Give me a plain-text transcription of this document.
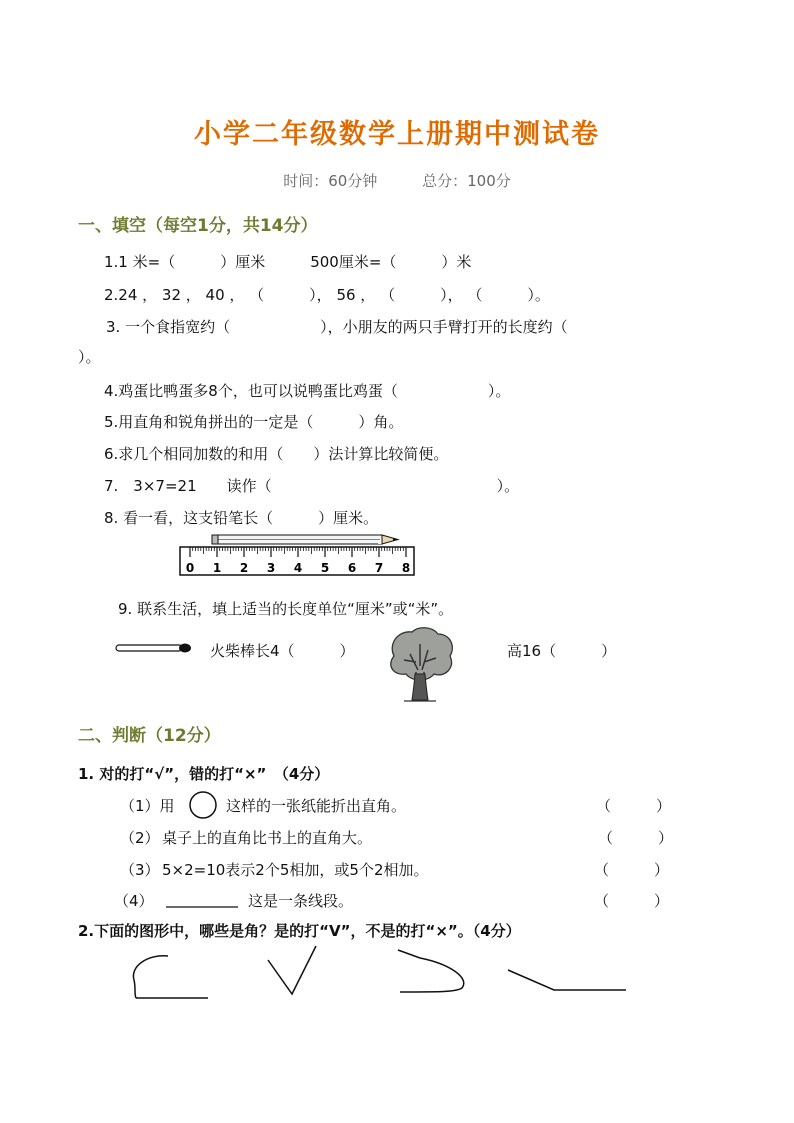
小学二年级数学上册期中测试卷
时间：60分钟	总分：100分
一、填空（每空1分，共14分）
1.1 米=（　　　）厘米　　　500厘米=（　　　）米
2.24 ， 32 ， 40 ， （　　　）， 56 ， （　　　）， （　　　）。
3. 一个食指宽约（　　　　　　），小朋友的两只手臂打开的长度约（
）。
4.鸡蛋比鸭蛋多8个，也可以说鸭蛋比鸡蛋（　　　　　　）。
5.用直角和锐角拼出的一定是（　　　）角。
6.求几个相同加数的和用（　　）法计算比较简便。
7.　3×7=21　　读作（　　　　　　　　　　　　　　　）。
8. 看一看，这支铅笔长（　　　）厘米。
0 1 2 3 4 5 6 7 8
9. 联系生活，填上适当的长度单位“厘米”或“米”。
火柴棒长4（　　　）	高16（　　　）
二、判断（12分）
1. 对的打“√”，错的打“×”　（4分）
（1）用	这样的一张纸能折出直角。	（　　　）
（2） 桌子上的直角比书上的直角大。	（　　　）
（3） 5×2=10表示2个5相加，或5个2相加。	（　　　）
（4）	这是一条线段。	（　　　）
2.下面的图形中，哪些是角？是的打“V”，不是的打“×”。（4分）
